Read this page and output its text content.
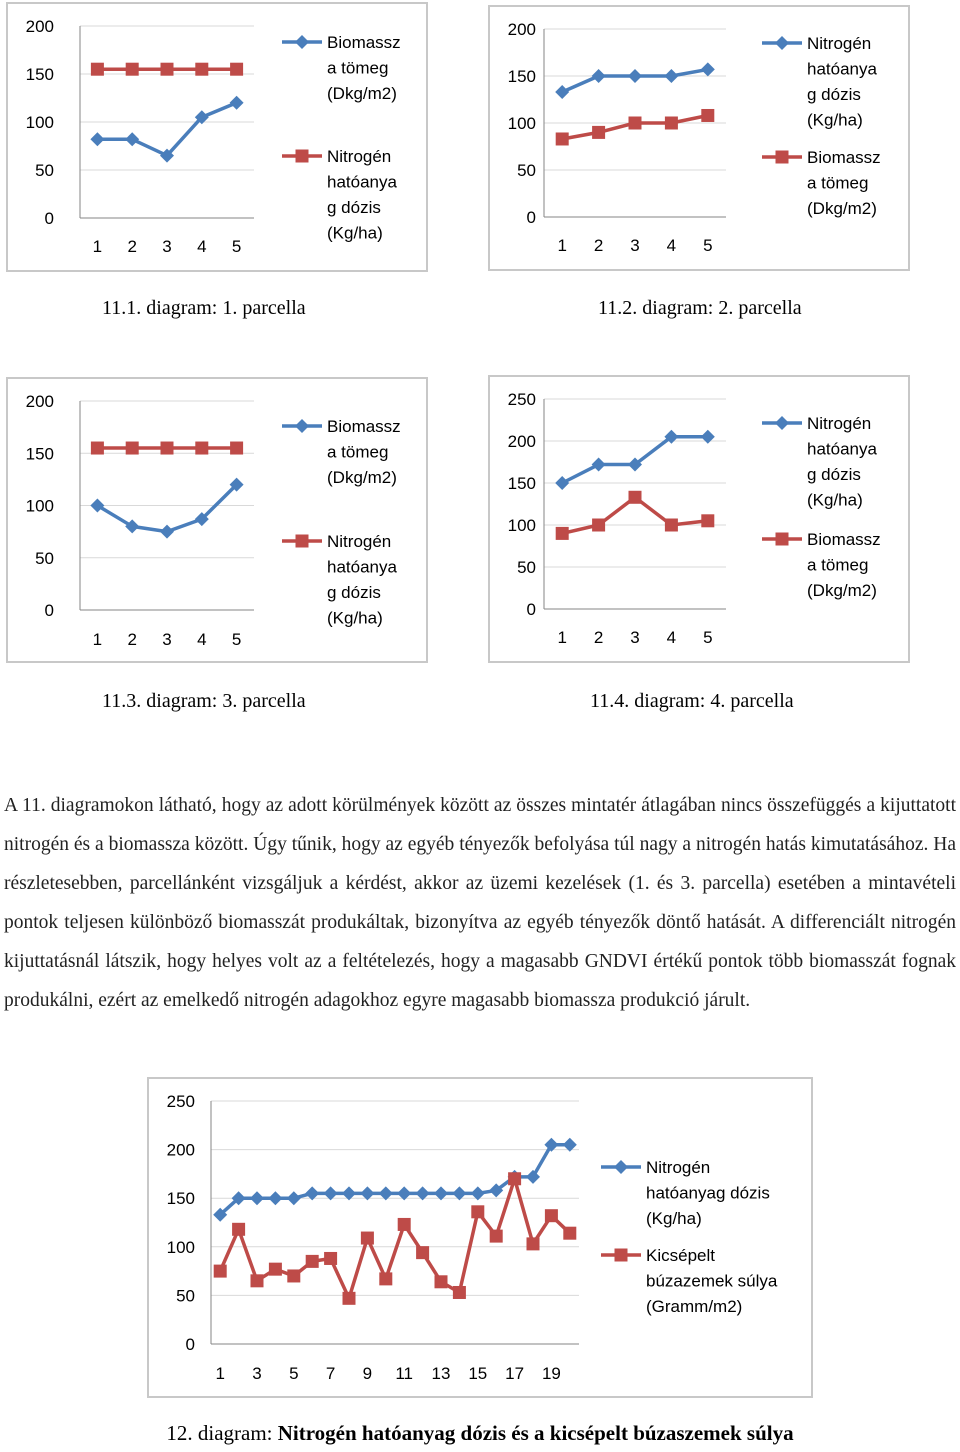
0
50
100
150
200
1 2 3 4 5
Biomassz
a tömeg
(Dkg/m2)
Nitrogén
hatóanya
g dózis
(Kg/ha)
11.1. diagram: 1. parcella
0
50
100
150
200
1 2 3 4 5
Nitrogén
hatóanya
g dózis
(Kg/ha)
Biomassz
a tömeg
(Dkg/m2)
11.2. diagram: 2. parcella
0
50
100
150
200
1 2 3 4 5
Biomassz
a tömeg
(Dkg/m2)
Nitrogén
hatóanya
g dózis
(Kg/ha)
11.3. diagram: 3. parcella
0
50
100
150
200
250
1 2 3 4 5
Nitrogén
hatóanya
g dózis
(Kg/ha)
Biomassz
a tömeg
(Dkg/m2)
11.4. diagram: 4. parcella

A 11. diagramokon látható, hogy az adott körülmények között az összes mintatér átlagában nincs összefüggés a kijuttatott nitrogén és a biomassza között. Úgy tűnik, hogy az egyéb tényezők befolyása túl nagy a nitrogén hatás kimutatásához. Ha részletesebben, parcellánként vizsgáljuk a kérdést, akkor az üzemi kezelések (1. és 3. parcella) esetében a mintavételi pontok teljesen különböző biomasszát produkáltak, bizonyítva az egyéb tényezők döntő hatását. A differenciált nitrogén kijuttatásnál látszik, hogy helyes volt az a feltételezés, hogy a magasabb GNDVI értékű pontok több biomasszát fognak produkálni, ezért az emelkedő nitrogén adagokhoz egyre magasabb biomassza produkció járult.

0
50
100
150
200
250
1 3 5 7 9 11 13 15 17 19
Nitrogén
hatóanyag dózis
(Kg/ha)
Kicsépelt
búzazemek súlya
(Gramm/m2)
12. diagram: Nitrogén hatóanyag dózis és a kicsépelt búzaszemek súlya
